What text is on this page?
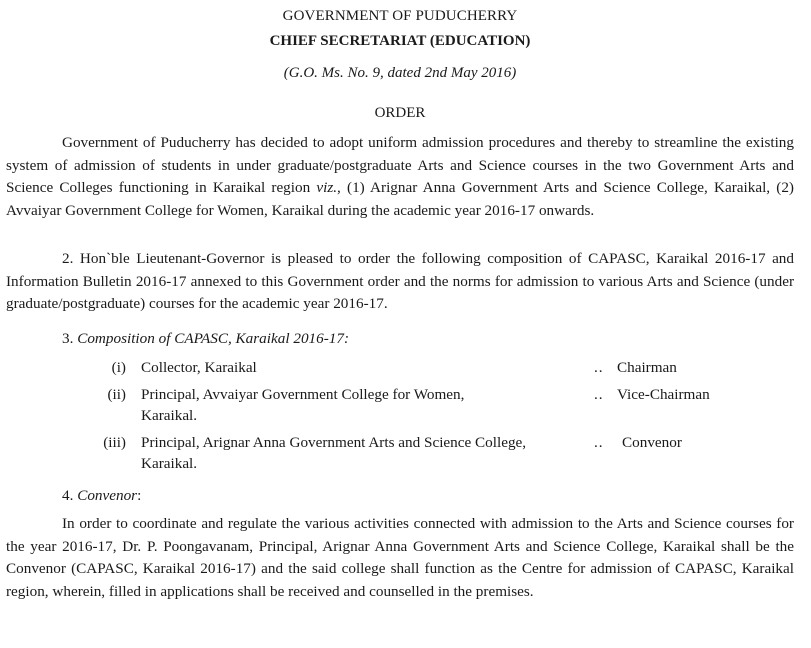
GOVERNMENT OF PUDUCHERRY
CHIEF SECRETARIAT (EDUCATION)
(G.O. Ms. No. 9, dated 2nd May 2016)
ORDER

Government of Puducherry has decided to adopt uniform admission procedures and thereby to streamline the existing system of admission of students in under graduate/postgraduate Arts and Science courses in the two Government Arts and Science Colleges functioning in Karaikal region viz., (1) Arignar Anna Government Arts and Science College, Karaikal, (2) Avvaiyar Government College for Women, Karaikal during the academic year 2016-17 onwards.

2. Hon`ble Lieutenant-Governor is pleased to order the following composition of CAPASC, Karaikal 2016-17 and Information Bulletin 2016-17 annexed to this Government order and the norms for admission to various Arts and Science (under graduate/postgraduate) courses for the academic year 2016-17.

3. Composition of CAPASC, Karaikal 2016-17:
(i) Collector, Karaikal	.. Chairman
(ii) Principal, Avvaiyar Government College for Women,
Karaikal.
.. Vice-Chairman
(iii) Principal, Arignar Anna Government Arts and Science College,
Karaikal.
.. Convenor
4. Convenor:

In order to coordinate and regulate the various activities connected with admission to the Arts and Science courses for the year 2016-17, Dr. P. Poongavanam, Principal, Arignar Anna Government Arts and Science College, Karaikal shall be the Convenor (CAPASC, Karaikal 2016-17) and the said college shall function as the Centre for admission of CAPASC, Karaikal region, wherein, filled in applications shall be received and counselled in the premises.
